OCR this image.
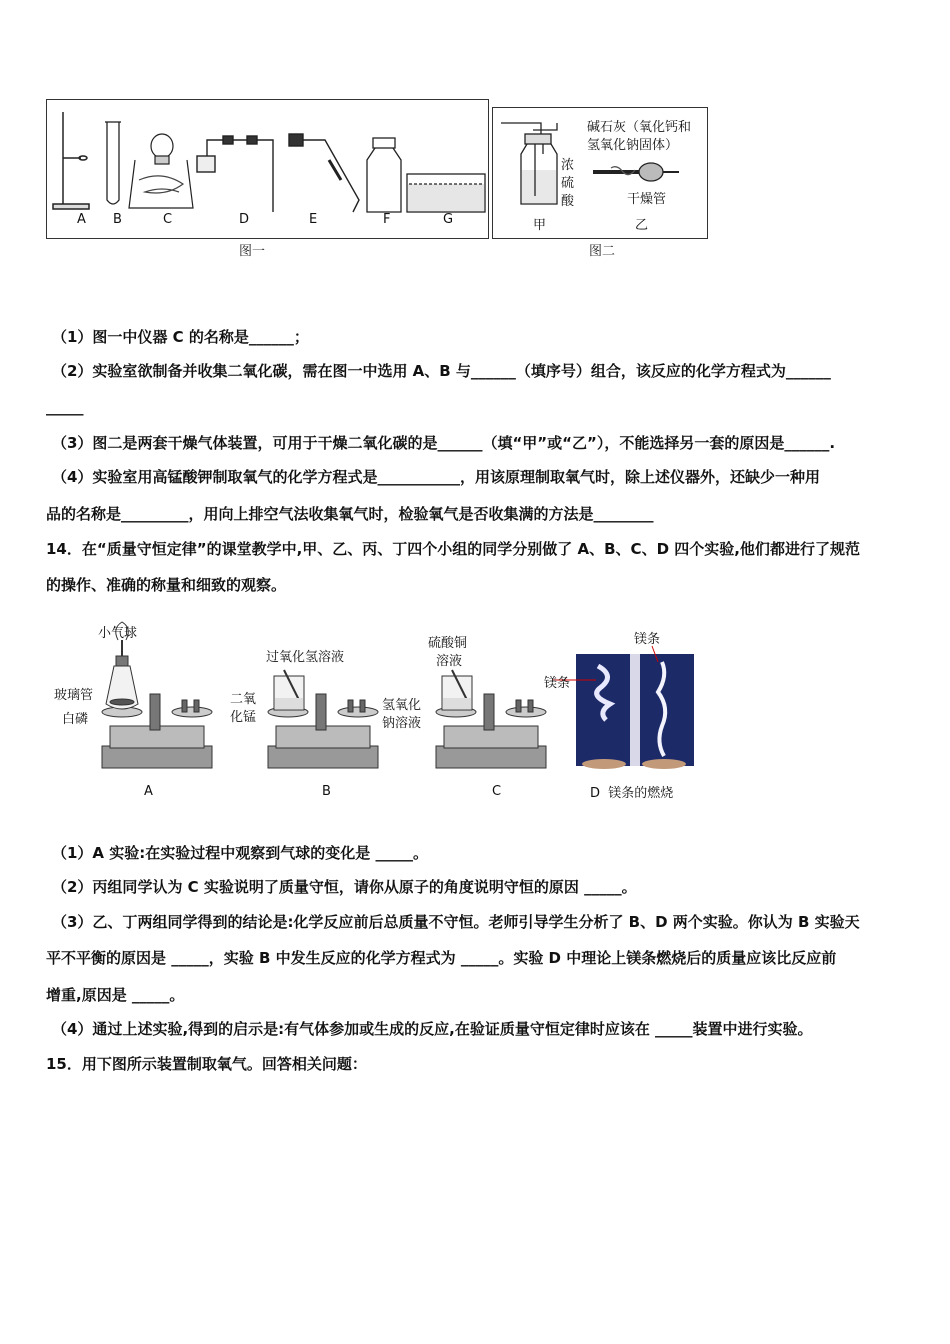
A B	C	D	E	F	G
图一
碱石灰（氧化钙和
氢氧化钠固体）
干燥管
浓
硫
酸
甲	乙
图二
（1）图一中仪器 C 的名称是______；
（2）实验室欲制备并收集二氧化碳，需在图一中选用 A、B 与______（填序号）组合，该反应的化学方程式为______
_____
（3）图二是两套干燥气体装置，可用于干燥二氧化碳的是______（填“甲”或“乙”），不能选择另一套的原因是______.
（4）实验室用高锰酸钾制取氧气的化学方程式是___________，用该原理制取氧气时，除上述仪器外，还缺少一种用
品的名称是_________，用向上排空气法收集氧气时，检验氧气是否收集满的方法是________
14．在“质量守恒定律”的课堂教学中,甲、乙、丙、丁四个小组的同学分别做了 A、B、C、D 四个实验,他们都进行了规范
的操作、准确的称量和细致的观察。
小气球
玻璃管
白磷
过氧化氢溶液
二氧
化锰
硫酸铜
溶液
氢氧化
钠溶液
镁条
镁条
A	B	C	D  镁条的燃烧
（1）A 实验:在实验过程中观察到气球的变化是 _____。
（2）丙组同学认为 C 实验说明了质量守恒，请你从原子的角度说明守恒的原因 _____。
（3）乙、丁两组同学得到的结论是:化学反应前后总质量不守恒。老师引导学生分析了 B、D 两个实验。你认为 B 实验天
平不平衡的原因是 _____，实验 B 中发生反应的化学方程式为 _____。实验 D 中理论上镁条燃烧后的质量应该比反应前
增重,原因是 _____。
（4）通过上述实验,得到的启示是:有气体参加或生成的反应,在验证质量守恒定律时应该在 _____装置中进行实验。
15．用下图所示装置制取氧气。回答相关问题：
